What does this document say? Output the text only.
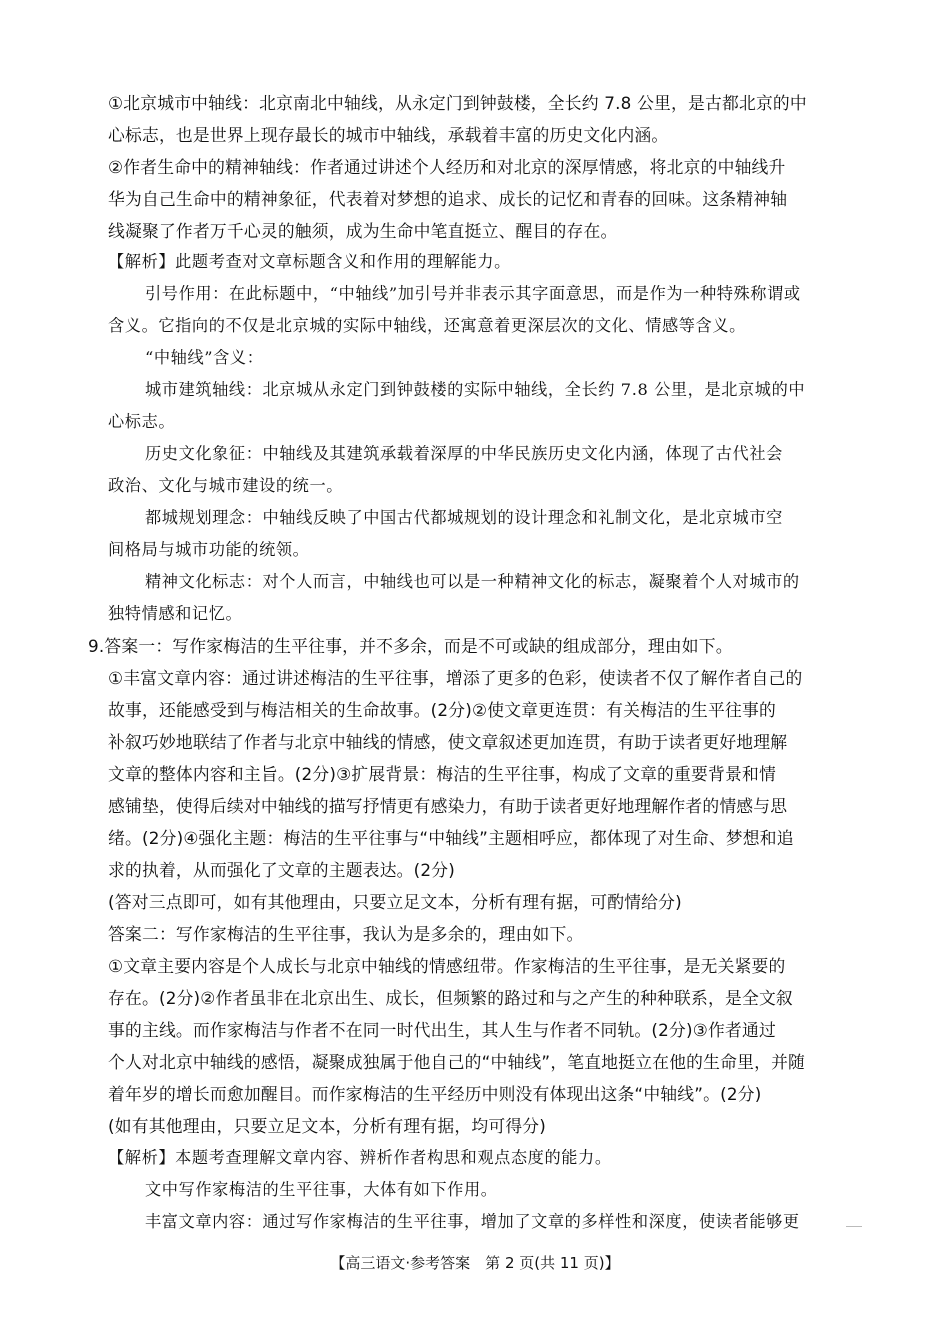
【高三语文·参考答案　第 2 页(共 11 页)】
①北京城市中轴线：北京南北中轴线，从永定门到钟鼓楼，全长约 7.8 公里，是古都北京的中
心标志，也是世界上现存最长的城市中轴线，承载着丰富的历史文化内涵。
②作者生命中的精神轴线：作者通过讲述个人经历和对北京的深厚情感，将北京的中轴线升
华为自己生命中的精神象征，代表着对梦想的追求、成长的记忆和青春的回味。这条精神轴
线凝聚了作者万千心灵的触须，成为生命中笔直挺立、醒目的存在。
【解析】此题考查对文章标题含义和作用的理解能力。
引号作用：在此标题中，“中轴线”加引号并非表示其字面意思，而是作为一种特殊称谓或
含义。它指向的不仅是北京城的实际中轴线，还寓意着更深层次的文化、情感等含义。
“中轴线”含义：
城市建筑轴线：北京城从永定门到钟鼓楼的实际中轴线，全长约 7.8 公里，是北京城的中
心标志。
历史文化象征：中轴线及其建筑承载着深厚的中华民族历史文化内涵，体现了古代社会
政治、文化与城市建设的统一。
都城规划理念：中轴线反映了中国古代都城规划的设计理念和礼制文化，是北京城市空
间格局与城市功能的统领。
精神文化标志：对个人而言，中轴线也可以是一种精神文化的标志，凝聚着个人对城市的
独特情感和记忆。
9.答案一：写作家梅洁的生平往事，并不多余，而是不可或缺的组成部分，理由如下。
①丰富文章内容：通过讲述梅洁的生平往事，增添了更多的色彩，使读者不仅了解作者自己的
故事，还能感受到与梅洁相关的生命故事。(2分)②使文章更连贯：有关梅洁的生平往事的
补叙巧妙地联结了作者与北京中轴线的情感，使文章叙述更加连贯，有助于读者更好地理解
文章的整体内容和主旨。(2分)③扩展背景：梅洁的生平往事，构成了文章的重要背景和情
感铺垫，使得后续对中轴线的描写抒情更有感染力，有助于读者更好地理解作者的情感与思
绪。(2分)④强化主题：梅洁的生平往事与“中轴线”主题相呼应，都体现了对生命、梦想和追
求的执着，从而强化了文章的主题表达。(2分)
(答对三点即可，如有其他理由，只要立足文本，分析有理有据，可酌情给分)
答案二：写作家梅洁的生平往事，我认为是多余的，理由如下。
①文章主要内容是个人成长与北京中轴线的情感纽带。作家梅洁的生平往事，是无关紧要的
存在。(2分)②作者虽非在北京出生、成长，但频繁的路过和与之产生的种种联系，是全文叙
事的主线。而作家梅洁与作者不在同一时代出生，其人生与作者不同轨。(2分)③作者通过
个人对北京中轴线的感悟，凝聚成独属于他自己的“中轴线”，笔直地挺立在他的生命里，并随
着年岁的增长而愈加醒目。而作家梅洁的生平经历中则没有体现出这条“中轴线”。(2分)
(如有其他理由，只要立足文本，分析有理有据，均可得分)
【解析】本题考查理解文章内容、辨析作者构思和观点态度的能力。
文中写作家梅洁的生平往事，大体有如下作用。
丰富文章内容：通过写作家梅洁的生平往事，增加了文章的多样性和深度，使读者能够更
